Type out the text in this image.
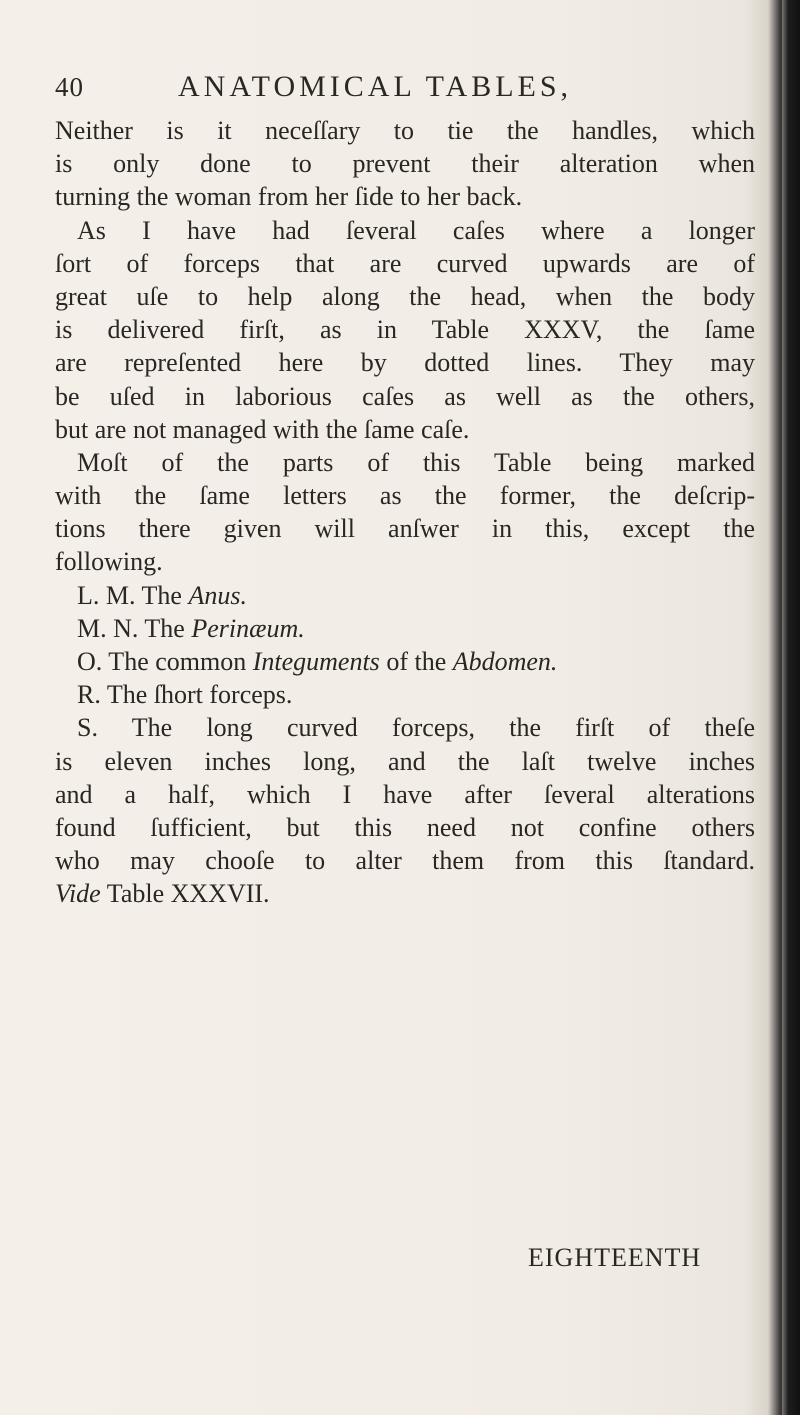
40	ANATOMICAL TABLES,
Neither is it neceſſary to tie the handles, which
is only done to prevent their alteration when
turning the woman from her ſide to her back.
As I have had ſeveral caſes where a longer
ſort of forceps that are curved upwards are of
great uſe to help along the head, when the body
is delivered firſt, as in Table XXXV, the ſame
are repreſented here by dotted lines. They may
be uſed in laborious caſes as well as the others,
but are not managed with the ſame caſe.
Moſt of the parts of this Table being marked
with the ſame letters as the former, the deſcrip-
tions there given will anſwer in this, except the
following.
L. M. The Anus.
M. N. The Perinæum.
O. The common Integuments of the Abdomen.
R. The ſhort forceps.
S. The long curved forceps, the firſt of theſe
is eleven inches long, and the laſt twelve inches
and a half, which I have after ſeveral alterations
found ſufficient, but this need not confine others
who may chooſe to alter them from this ſtandard.
Vide Table XXXVII.
EIGHTEENTH
